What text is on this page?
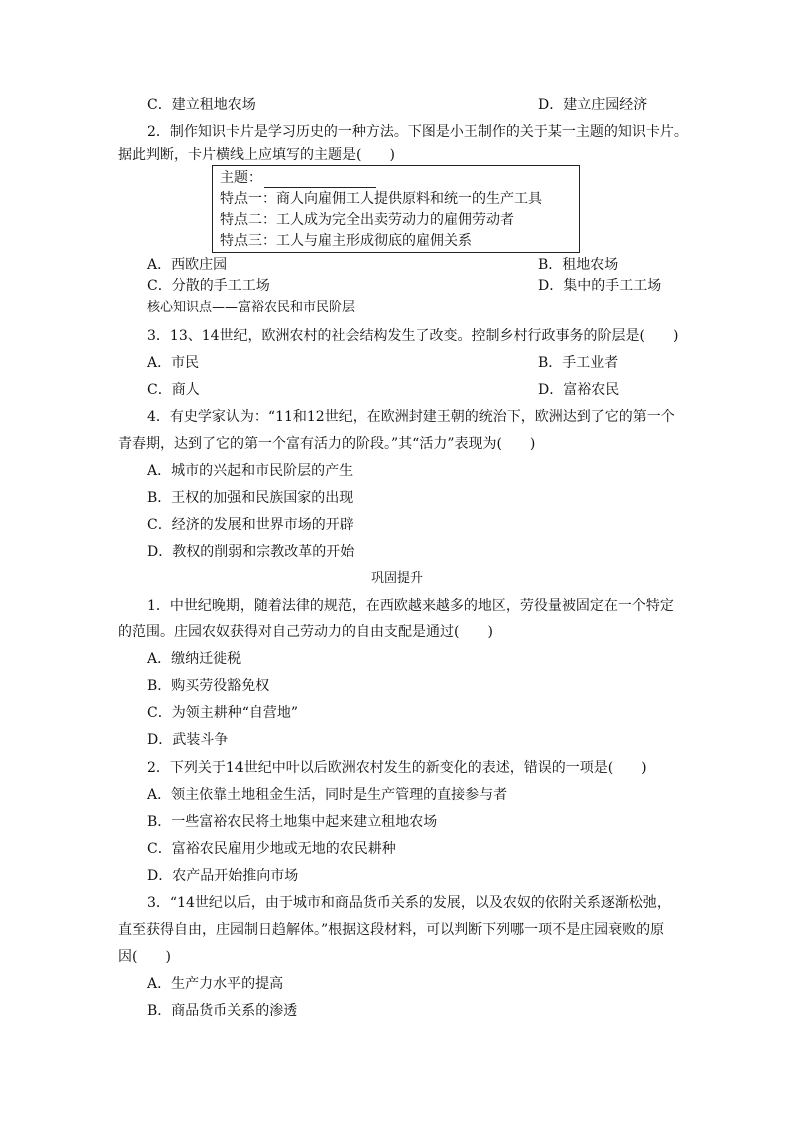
C．建立租地农场	D．建立庄园经济
2．制作知识卡片是学习历史的一种方法。下图是小王制作的关于某一主题的知识卡片。
据此判断，卡片横线上应填写的主题是(　　)
主题：
特点一：商人向雇佣工人提供原料和统一的生产工具
特点二：工人成为完全出卖劳动力的雇佣劳动者
特点三：工人与雇主形成彻底的雇佣关系
A．西欧庄园	B．租地农场
C．分散的手工工场	D．集中的手工工场
核心知识点——富裕农民和市民阶层
3．13、14世纪，欧洲农村的社会结构发生了改变。控制乡村行政事务的阶层是(　　)
A．市民	B．手工业者
C．商人	D．富裕农民
4．有史学家认为：“11和12世纪，在欧洲封建王朝的统治下，欧洲达到了它的第一个
青春期，达到了它的第一个富有活力的阶段。”其“活力”表现为(　　)
A．城市的兴起和市民阶层的产生
B．王权的加强和民族国家的出现
C．经济的发展和世界市场的开辟
D．教权的削弱和宗教改革的开始
巩固提升
1．中世纪晚期，随着法律的规范，在西欧越来越多的地区，劳役量被固定在一个特定
的范围。庄园农奴获得对自己劳动力的自由支配是通过(　　)
A．缴纳迁徙税
B．购买劳役豁免权
C．为领主耕种“自营地”
D．武装斗争
2．下列关于14世纪中叶以后欧洲农村发生的新变化的表述，错误的一项是(　　)
A．领主依靠土地租金生活，同时是生产管理的直接参与者
B．一些富裕农民将土地集中起来建立租地农场
C．富裕农民雇用少地或无地的农民耕种
D．农产品开始推向市场
3．“14世纪以后，由于城市和商品货币关系的发展，以及农奴的依附关系逐渐松弛，
直至获得自由，庄园制日趋解体。”根据这段材料，可以判断下列哪一项不是庄园衰败的原
因(　　)
A．生产力水平的提高
B．商品货币关系的渗透
